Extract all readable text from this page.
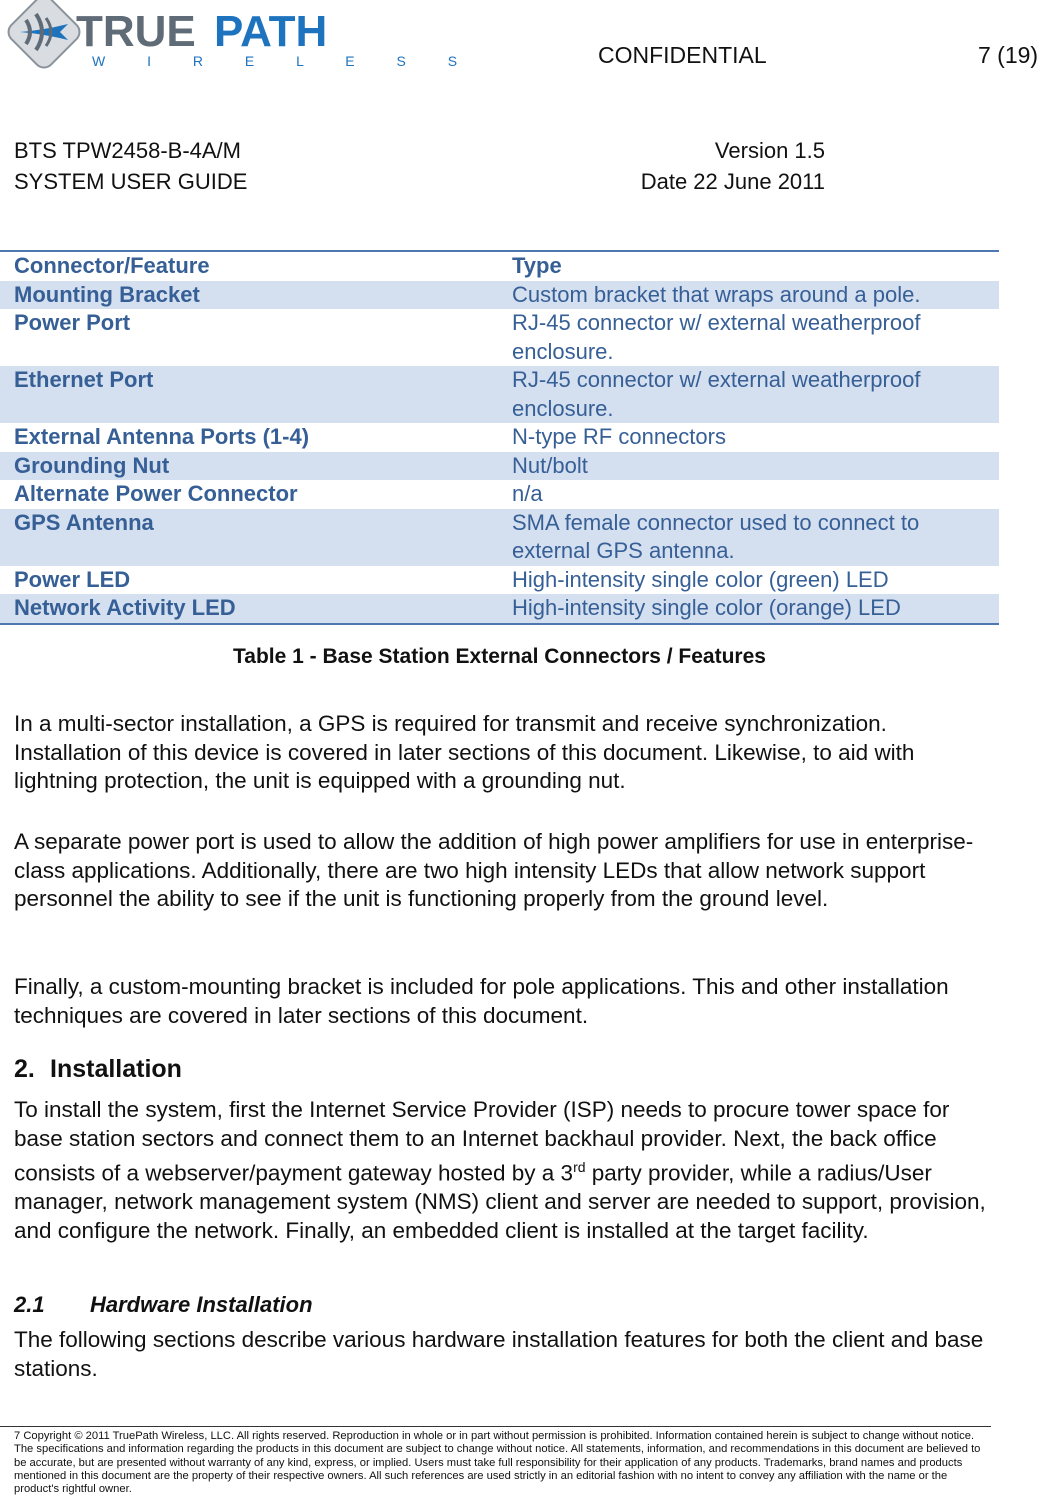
TRUE PATH
W I R E L E S S	CONFIDENTIAL	7 (19)
BTS TPW2458-B-4A/M
SYSTEM USER GUIDE
Version 1.5
Date 22 June 2011
Connector/Feature	Type
Mounting Bracket	Custom bracket that wraps around a pole.
Power Port	RJ-45 connector w/ external weatherproof enclosure.
Ethernet Port	RJ-45 connector w/ external weatherproof enclosure.
External Antenna Ports (1-4)	N-type RF connectors
Grounding Nut	Nut/bolt
Alternate Power Connector	n/a
GPS Antenna	SMA female connector used to connect to external GPS antenna.
Power LED	High-intensity single color (green) LED
Network Activity LED	High-intensity single color (orange) LED
Table 1 - Base Station External Connectors / Features

In a multi-sector installation, a GPS is required for transmit and receive synchronization. Installation of this device is covered in later sections of this document. Likewise, to aid with lightning protection, the unit is equipped with a grounding nut.

A separate power port is used to allow the addition of high power amplifiers for use in enterprise-class applications. Additionally, there are two high intensity LEDs that allow network support personnel the ability to see if the unit is functioning properly from the ground level.

Finally, a custom-mounting bracket is included for pole applications. This and other installation techniques are covered in later sections of this document.

2. Installation

To install the system, first the Internet Service Provider (ISP) needs to procure tower space for base station sectors and connect them to an Internet backhaul provider. Next, the back office consists of a webserver/payment gateway hosted by a 3rd party provider, while a radius/User manager, network management system (NMS) client and server are needed to support, provision, and configure the network. Finally, an embedded client is installed at the target facility.

2.1 Hardware Installation

The following sections describe various hardware installation features for both the client and base stations.

7 Copyright © 2011 TruePath Wireless, LLC. All rights reserved. Reproduction in whole or in part without permission is prohibited. Information contained herein is subject to change without notice. The specifications and information regarding the products in this document are subject to change without notice. All statements, information, and recommendations in this document are believed to be accurate, but are presented without warranty of any kind, express, or implied. Users must take full responsibility for their application of any products. Trademarks, brand names and products mentioned in this document are the property of their respective owners. All such references are used strictly in an editorial fashion with no intent to convey any affiliation with the name or the product's rightful owner.
